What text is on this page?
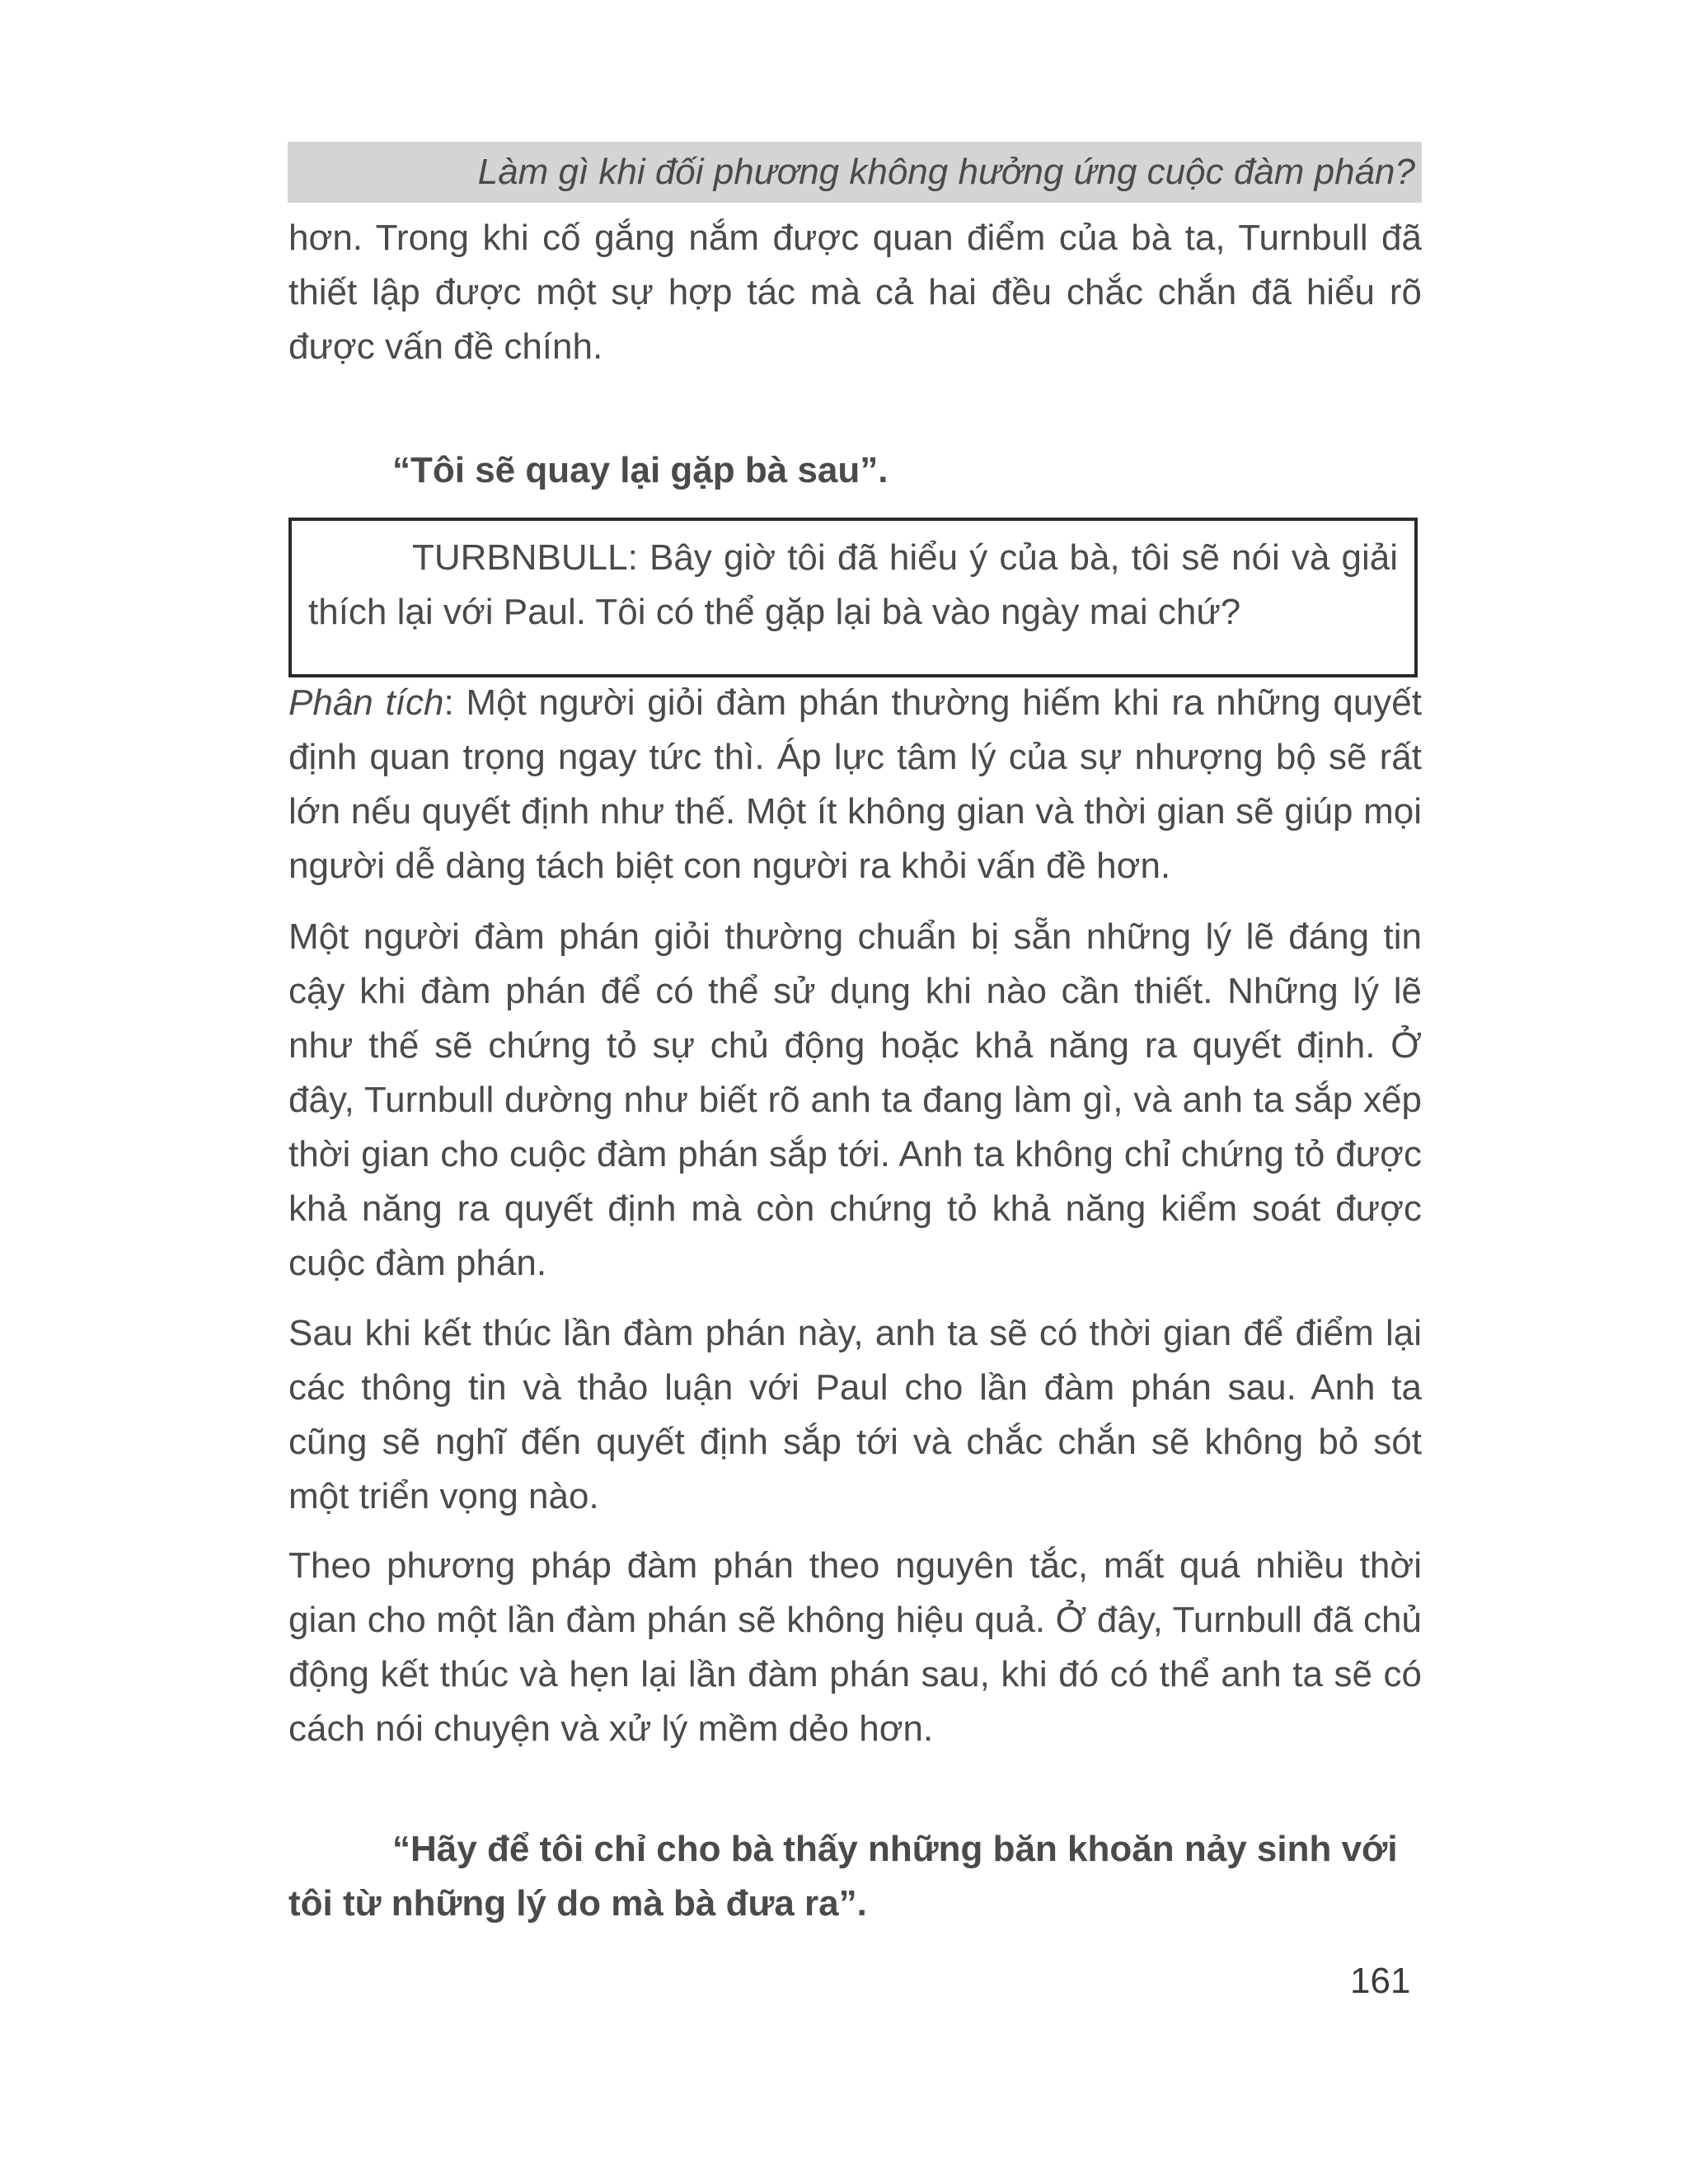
Làm gì khi đối phương không hưởng ứng cuộc đàm phán?

hơn. Trong khi cố gắng nắm được quan điểm của bà ta, Turnbull đã thiết lập được một sự hợp tác mà cả hai đều chắc chắn đã hiểu rõ được vấn đề chính.

“Tôi sẽ quay lại gặp bà sau”.

TURBNBULL: Bây giờ tôi đã hiểu ý của bà, tôi sẽ nói và giải thích lại với Paul. Tôi có thể gặp lại bà vào ngày mai chứ?

Phân tích: Một người giỏi đàm phán thường hiếm khi ra những quyết định quan trọng ngay tức thì. Áp lực tâm lý của sự nhượng bộ sẽ rất lớn nếu quyết định như thế. Một ít không gian và thời gian sẽ giúp mọi người dễ dàng tách biệt con người ra khỏi vấn đề hơn.

Một người đàm phán giỏi thường chuẩn bị sẵn những lý lẽ đáng tin cậy khi đàm phán để có thể sử dụng khi nào cần thiết. Những lý lẽ như thế sẽ chứng tỏ sự chủ động hoặc khả năng ra quyết định. Ở đây, Turnbull dường như biết rõ anh ta đang làm gì, và anh ta sắp xếp thời gian cho cuộc đàm phán sắp tới. Anh ta không chỉ chứng tỏ được khả năng ra quyết định mà còn chứng tỏ khả năng kiểm soát được cuộc đàm phán.

Sau khi kết thúc lần đàm phán này, anh ta sẽ có thời gian để điểm lại các thông tin và thảo luận với Paul cho lần đàm phán sau. Anh ta cũng sẽ nghĩ đến quyết định sắp tới và chắc chắn sẽ không bỏ sót một triển vọng nào.

Theo phương pháp đàm phán theo nguyên tắc, mất quá nhiều thời gian cho một lần đàm phán sẽ không hiệu quả. Ở đây, Turnbull đã chủ động kết thúc và hẹn lại lần đàm phán sau, khi đó có thể anh ta sẽ có cách nói chuyện và xử lý mềm dẻo hơn.

“Hãy để tôi chỉ cho bà thấy những băn khoăn nảy sinh với tôi từ những lý do mà bà đưa ra”.

161
